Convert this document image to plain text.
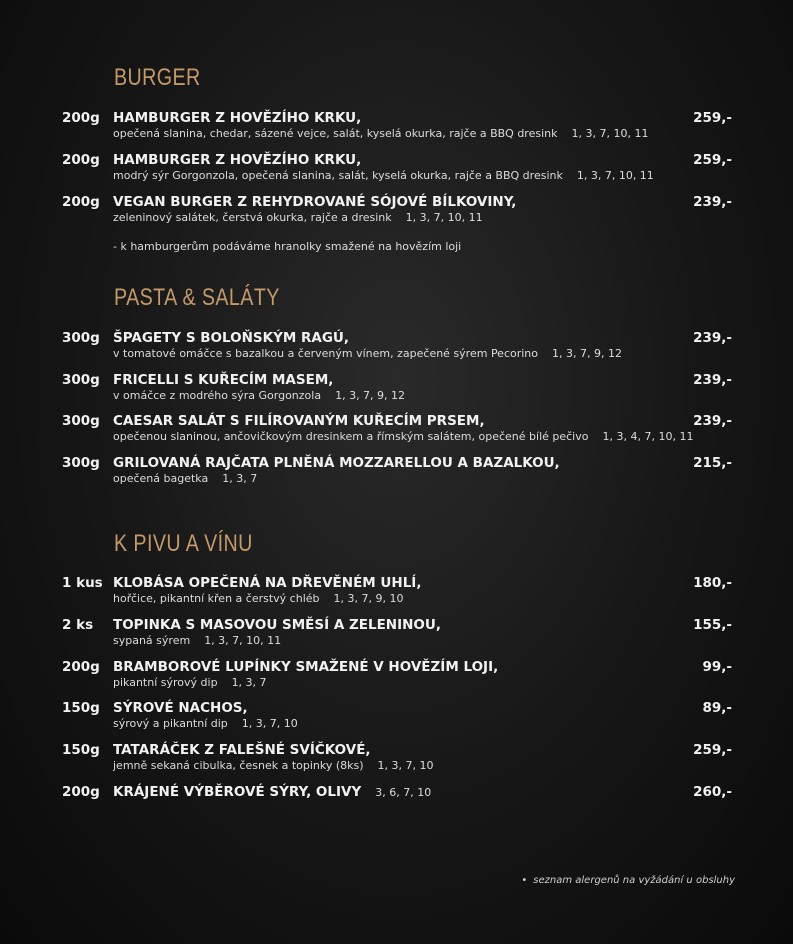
BURGER
200g HAMBURGER Z HOVĚZÍHO KRKU,
opečená slanina, chedar, sázené vejce, salát, kyselá okurka, rajče a BBQ dresink 1, 3, 7, 10, 11
259,-
200g HAMBURGER Z HOVĚZÍHO KRKU,
modrý sýr Gorgonzola, opečená slanina, salát, kyselá okurka, rajče a BBQ dresink 1, 3, 7, 10, 11
259,-
200g VEGAN BURGER Z REHYDROVANÉ SÓJOVÉ BÍLKOVINY,
zeleninový salátek, čerstvá okurka, rajče a dresink 1, 3, 7, 10, 11
239,-
- k hamburgerům podáváme hranolky smažené na hovězím loji
PASTA & SALÁTY
300g ŠPAGETY S BOLOŇSKÝM RAGÚ,
v tomatové omáčce s bazalkou a červeným vínem, zapečené sýrem Pecorino 1, 3, 7, 9, 12
239,-
300g FRICELLI S KUŘECÍM MASEM,
v omáčce z modrého sýra Gorgonzola 1, 3, 7, 9, 12
239,-
300g CAESAR SALÁT S FILÍROVANÝM KUŘECÍM PRSEM,
opečenou slaninou, ančovičkovým dresinkem a římským salátem, opečené bílé pečivo 1, 3, 4, 7, 10, 11
239,-
300g GRILOVANÁ RAJČATA PLNĚNÁ MOZZARELLOU A BAZALKOU,
opečená bagetka 1, 3, 7
215,-
K PIVU A VÍNU
1 kus KLOBÁSA OPEČENÁ NA DŘEVĚNÉM UHLÍ,
hořčice, pikantní křen a čerstvý chléb 1, 3, 7, 9, 10
180,-
2 ks TOPINKA S MASOVOU SMĚSÍ A ZELENINOU,
sypaná sýrem 1, 3, 7, 10, 11
155,-
200g BRAMBOROVÉ LUPÍNKY SMAŽENÉ V HOVĚZÍM LOJI,
pikantní sýrový dip 1, 3, 7
99,-
150g SÝROVÉ NACHOS,
sýrový a pikantní dip 1, 3, 7, 10
89,-
150g TATARÁČEK Z FALEŠNÉ SVÍČKOVÉ,
jemně sekaná cibulka, česnek a topinky (8ks) 1, 3, 7, 10
259,-
200g KRÁJENÉ VÝBĚROVÉ SÝRY, OLIVY 3, 6, 7, 10	260,-
• seznam alergenů na vyžádání u obsluhy
